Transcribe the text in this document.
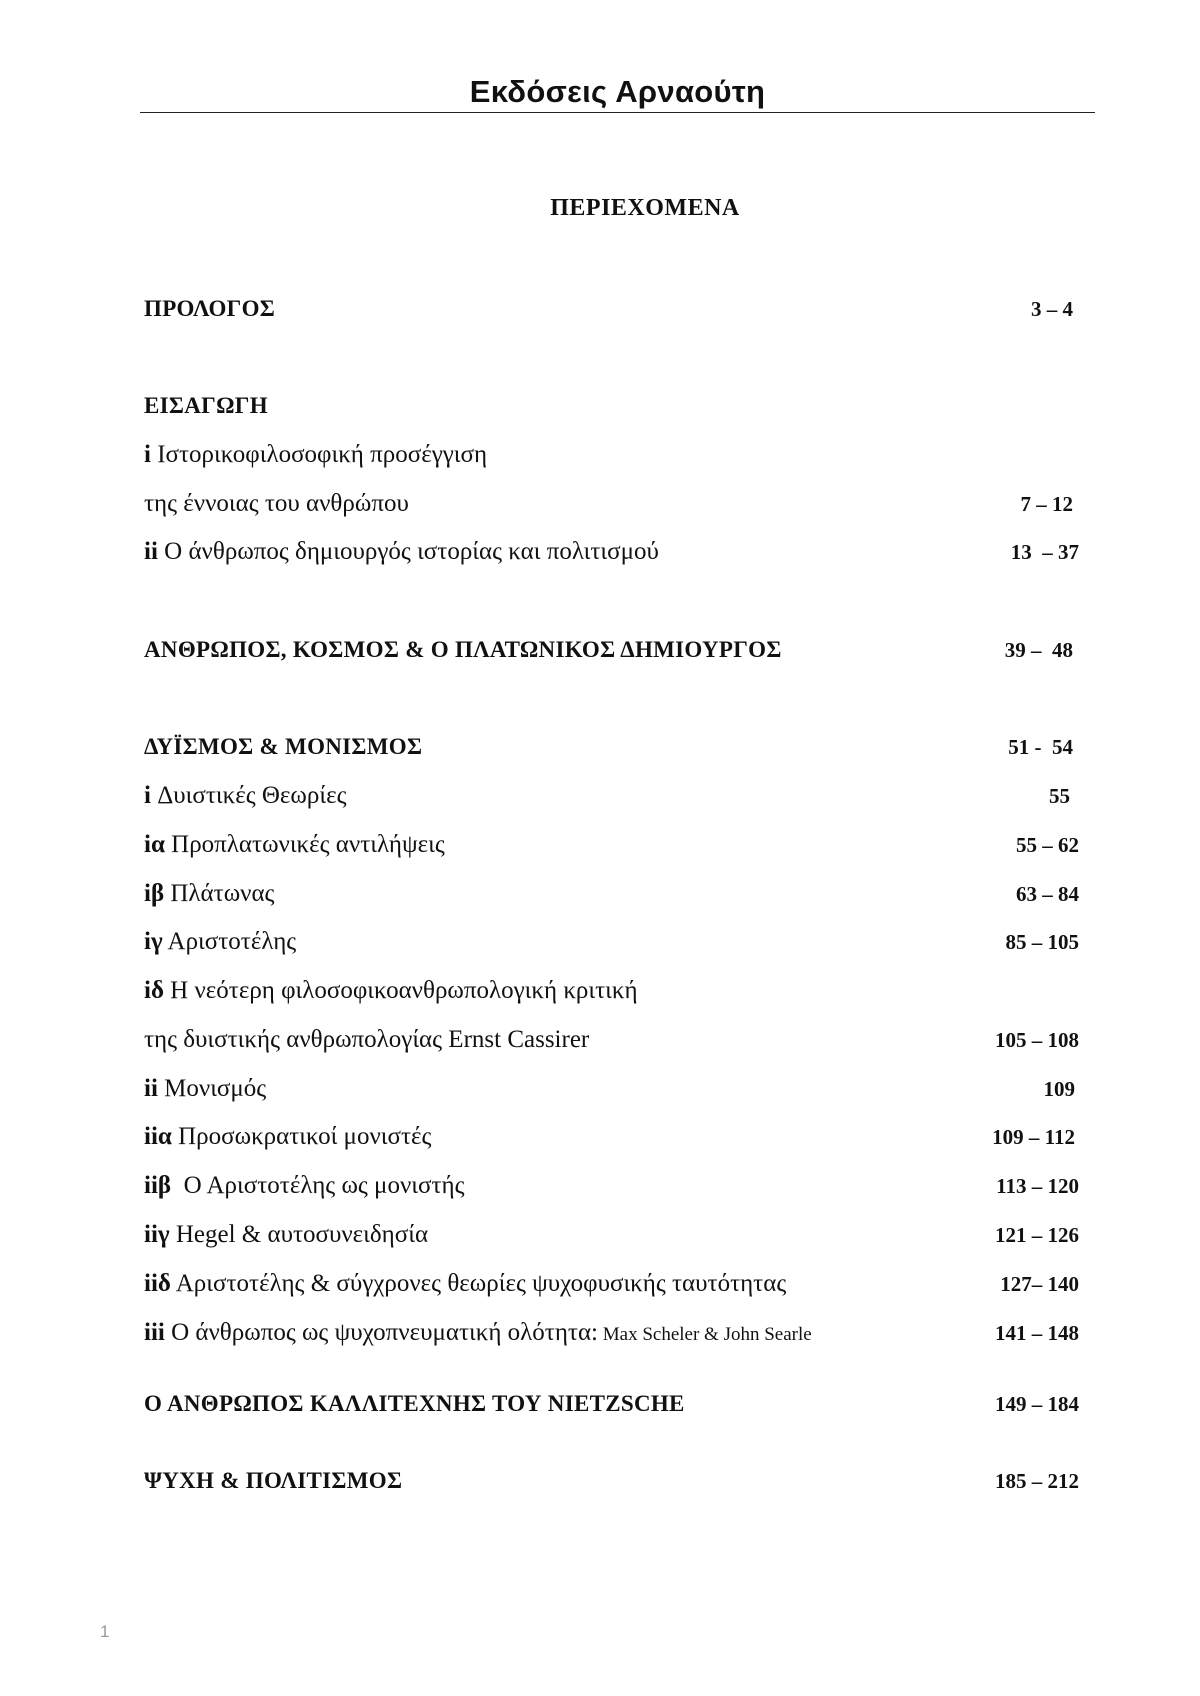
Εκδόσεις Αρναούτη
ΠΕΡΙΕΧΟΜΕΝΑ
ΠΡΟΛΟΓΟΣ	3 – 4
ΕΙΣΑΓΩΓΗ
i Ιστορικοφιλοσοφική προσέγγιση
της έννοιας του ανθρώπου	7 – 12
ii Ο άνθρωπος δημιουργός ιστορίας και πολιτισμού	13  – 37
ΑΝΘΡΩΠΟΣ, ΚΟΣΜΟΣ & Ο ΠΛΑΤΩΝΙΚΟΣ ΔΗΜΙΟΥΡΓΟΣ	39 –  48
ΔΥΪΣΜΟΣ & ΜΟΝΙΣΜΟΣ	51 -  54
i Δυιστικές Θεωρίες	55
iα Προπλατωνικές αντιλήψεις	55 – 62
iβ Πλάτωνας	63 – 84
iγ Αριστοτέλης	85 – 105
iδ Η νεότερη φιλοσοφικοανθρωπολογική κριτική
της δυιστικής ανθρωπολογίας Ernst Cassirer	105 – 108
ii Μονισμός	109
iiα Προσωκρατικοί μονιστές	109 – 112
iiβ  Ο Αριστοτέλης ως μονιστής	113 – 120
iiγ Hegel & αυτοσυνειδησία	121 – 126
iiδ Αριστοτέλης & σύγχρονες θεωρίες ψυχοφυσικής ταυτότητας	127– 140
iii Ο άνθρωπος ως ψυχοπνευματική ολότητα: Max Scheler & John Searle	141 – 148
Ο ΑΝΘΡΩΠΟΣ ΚΑΛΛΙΤΕΧΝΗΣ ΤΟΥ NIETZSCHE	149 – 184
ΨΥΧΗ & ΠΟΛΙΤΙΣΜΟΣ	185 – 212
1
